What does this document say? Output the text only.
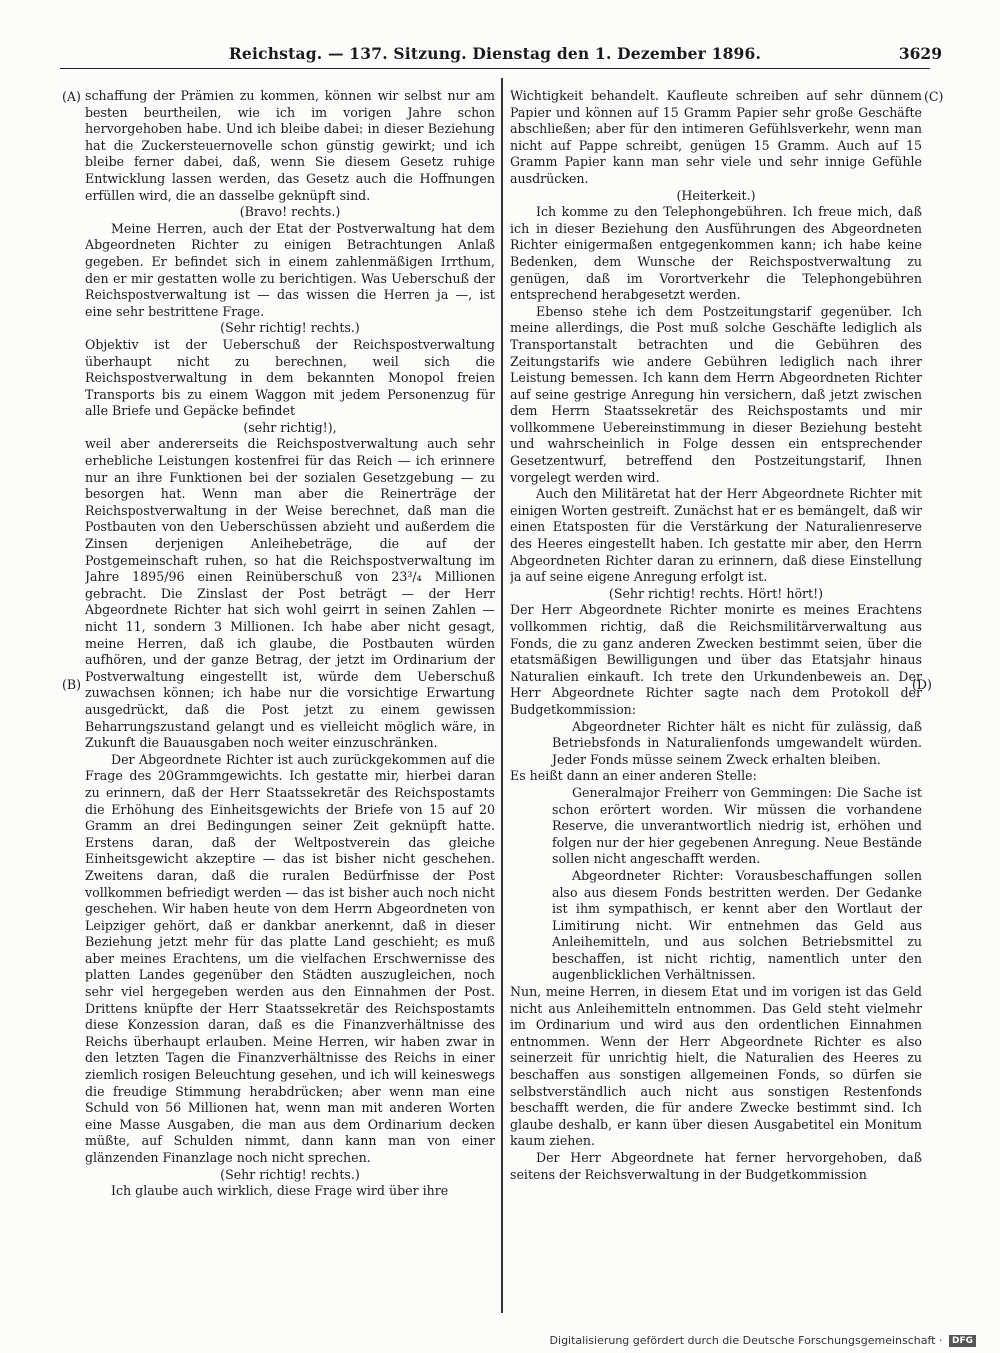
Reichstag. — 137. Sitzung. Dienstag den 1. Dezember 1896.	3629
(A)
(B)
(C)
(D)

schaffung der Prämien zu kommen, können wir selbst nur am besten beurtheilen, wie ich im vorigen Jahre schon hervorgehoben habe. Und ich bleibe dabei: in dieser Beziehung hat die Zuckersteuernovelle schon günstig gewirkt; und ich bleibe ferner dabei, daß, wenn Sie diesem Gesetz ruhige Entwicklung lassen werden, das Gesetz auch die Hoffnungen erfüllen wird, die an dasselbe geknüpft sind.

(Bravo! rechts.)

Meine Herren, auch der Etat der Postverwaltung hat dem Abgeordneten Richter zu einigen Betrachtungen Anlaß gegeben. Er befindet sich in einem zahlenmäßigen Irrthum, den er mir gestatten wolle zu berichtigen. Was Ueberschuß der Reichspostverwaltung ist — das wissen die Herren ja —, ist eine sehr bestrittene Frage.

(Sehr richtig! rechts.)

Objektiv ist der Ueberschuß der Reichspostverwaltung überhaupt nicht zu berechnen, weil sich die Reichspostverwaltung in dem bekannten Monopol freien Transports bis zu einem Waggon mit jedem Personenzug für alle Briefe und Gepäcke befindet

(sehr richtig!),

weil aber andererseits die Reichspostverwaltung auch sehr erhebliche Leistungen kostenfrei für das Reich — ich erinnere nur an ihre Funktionen bei der sozialen Gesetzgebung — zu besorgen hat. Wenn man aber die Reinerträge der Reichspostverwaltung in der Weise berechnet, daß man die Postbauten von den Ueberschüssen abzieht und außerdem die Zinsen derjenigen Anleihebeträge, die auf der Postgemeinschaft ruhen, so hat die Reichspostverwaltung im Jahre 1895/96 einen Reinüberschuß von 23³/₄ Millionen gebracht. Die Zinslast der Post beträgt — der Herr Abgeordnete Richter hat sich wohl geirrt in seinen Zahlen — nicht 11, sondern 3 Millionen. Ich habe aber nicht gesagt, meine Herren, daß ich glaube, die Postbauten würden aufhören, und der ganze Betrag, der jetzt im Ordinarium der Postverwaltung eingestellt ist, würde dem Ueberschuß zuwachsen können; ich habe nur die vorsichtige Erwartung ausgedrückt, daß die Post jetzt zu einem gewissen Beharrungszustand gelangt und es vielleicht möglich wäre, in Zukunft die Bauausgaben noch weiter einzuschränken.

Der Abgeordnete Richter ist auch zurückgekommen auf die Frage des 20Grammgewichts. Ich gestatte mir, hierbei daran zu erinnern, daß der Herr Staatssekretär des Reichspostamts die Erhöhung des Einheitsgewichts der Briefe von 15 auf 20 Gramm an drei Bedingungen seiner Zeit geknüpft hatte. Erstens daran, daß der Weltpostverein das gleiche Einheitsgewicht akzeptire — das ist bisher nicht geschehen. Zweitens daran, daß die ruralen Bedürfnisse der Post vollkommen befriedigt werden — das ist bisher auch noch nicht geschehen. Wir haben heute von dem Herrn Abgeordneten von Leipziger gehört, daß er dankbar anerkennt, daß in dieser Beziehung jetzt mehr für das platte Land geschieht; es muß aber meines Erachtens, um die vielfachen Erschwernisse des platten Landes gegenüber den Städten auszugleichen, noch sehr viel hergegeben werden aus den Einnahmen der Post. Drittens knüpfte der Herr Staatssekretär des Reichspostamts diese Konzession daran, daß es die Finanzverhältnisse des Reichs überhaupt erlauben. Meine Herren, wir haben zwar in den letzten Tagen die Finanzverhältnisse des Reichs in einer ziemlich rosigen Beleuchtung gesehen, und ich will keineswegs die freudige Stimmung herabdrücken; aber wenn man eine Schuld von 56 Millionen hat, wenn man mit anderen Worten eine Masse Ausgaben, die man aus dem Ordinarium decken müßte, auf Schulden nimmt, dann kann man von einer glänzenden Finanzlage noch nicht sprechen.

(Sehr richtig! rechts.)

Ich glaube auch wirklich, diese Frage wird über ihre

Wichtigkeit behandelt. Kaufleute schreiben auf sehr dünnem Papier und können auf 15 Gramm Papier sehr große Geschäfte abschließen; aber für den intimeren Gefühlsverkehr, wenn man nicht auf Pappe schreibt, genügen 15 Gramm. Auch auf 15 Gramm Papier kann man sehr viele und sehr innige Gefühle ausdrücken.

(Heiterkeit.)

Ich komme zu den Telephongebühren. Ich freue mich, daß ich in dieser Beziehung den Ausführungen des Abgeordneten Richter einigermaßen entgegenkommen kann; ich habe keine Bedenken, dem Wunsche der Reichspostverwaltung zu genügen, daß im Vorortverkehr die Telephongebühren entsprechend herabgesetzt werden.

Ebenso stehe ich dem Postzeitungstarif gegenüber. Ich meine allerdings, die Post muß solche Geschäfte lediglich als Transportanstalt betrachten und die Gebühren des Zeitungstarifs wie andere Gebühren lediglich nach ihrer Leistung bemessen. Ich kann dem Herrn Abgeordneten Richter auf seine gestrige Anregung hin versichern, daß jetzt zwischen dem Herrn Staatssekretär des Reichspostamts und mir vollkommene Uebereinstimmung in dieser Beziehung besteht und wahrscheinlich in Folge dessen ein entsprechender Gesetzentwurf, betreffend den Postzeitungstarif, Ihnen vorgelegt werden wird.

Auch den Militäretat hat der Herr Abgeordnete Richter mit einigen Worten gestreift. Zunächst hat er es bemängelt, daß wir einen Etatsposten für die Verstärkung der Naturalienreserve des Heeres eingestellt haben. Ich gestatte mir aber, den Herrn Abgeordneten Richter daran zu erinnern, daß diese Einstellung ja auf seine eigene Anregung erfolgt ist.

(Sehr richtig! rechts. Hört! hört!)

Der Herr Abgeordnete Richter monirte es meines Erachtens vollkommen richtig, daß die Reichsmilitärverwaltung aus Fonds, die zu ganz anderen Zwecken bestimmt seien, über die etatsmäßigen Bewilligungen und über das Etatsjahr hinaus Naturalien einkauft. Ich trete den Urkundenbeweis an. Der Herr Abgeordnete Richter sagte nach dem Protokoll der Budgetkommission:

Abgeordneter Richter hält es nicht für zulässig, daß Betriebsfonds in Naturalienfonds umgewandelt würden. Jeder Fonds müsse seinem Zweck erhalten bleiben.

Es heißt dann an einer anderen Stelle:

Generalmajor Freiherr von Gemmingen: Die Sache ist schon erörtert worden. Wir müssen die vorhandene Reserve, die unverantwortlich niedrig ist, erhöhen und folgen nur der hier gegebenen Anregung. Neue Bestände sollen nicht angeschafft werden.

Abgeordneter Richter: Vorausbeschaffungen sollen also aus diesem Fonds bestritten werden. Der Gedanke ist ihm sympathisch, er kennt aber den Wortlaut der Limitirung nicht. Wir entnehmen das Geld aus Anleihemitteln, und aus solchen Betriebsmittel zu beschaffen, ist nicht richtig, namentlich unter den augenblicklichen Verhältnissen.

Nun, meine Herren, in diesem Etat und im vorigen ist das Geld nicht aus Anleihemitteln entnommen. Das Geld steht vielmehr im Ordinarium und wird aus den ordentlichen Einnahmen entnommen. Wenn der Herr Abgeordnete Richter es also seinerzeit für unrichtig hielt, die Naturalien des Heeres zu beschaffen aus sonstigen allgemeinen Fonds, so dürfen sie selbstverständlich auch nicht aus sonstigen Restenfonds beschafft werden, die für andere Zwecke bestimmt sind. Ich glaube deshalb, er kann über diesen Ausgabetitel ein Monitum kaum ziehen.

Der Herr Abgeordnete hat ferner hervorgehoben, daß seitens der Reichsverwaltung in der Budgetkommission

Digitalisierung gefördert durch die Deutsche Forschungsgemeinschaft · DFG
